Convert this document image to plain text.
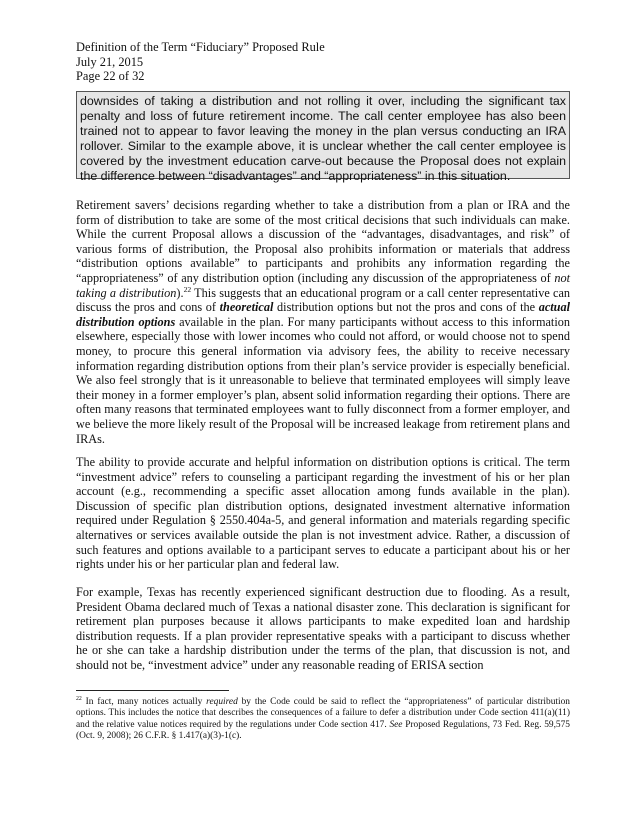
Definition of the Term “Fiduciary” Proposed Rule
July 21, 2015
Page 22 of 32

downsides of taking a distribution and not rolling it over, including the significant tax penalty and loss of future retirement income. The call center employee has also been trained not to appear to favor leaving the money in the plan versus conducting an IRA rollover. Similar to the example above, it is unclear whether the call center employee is covered by the investment education carve-out because the Proposal does not explain the difference between “disadvantages” and “appropriateness” in this situation.

Retirement savers’ decisions regarding whether to take a distribution from a plan or IRA and the form of distribution to take are some of the most critical decisions that such individuals can make. While the current Proposal allows a discussion of the “advantages, disadvantages, and risk” of various forms of distribution, the Proposal also prohibits information or materials that address “distribution options available” to participants and prohibits any information regarding the “appropriateness” of any distribution option (including any discussion of the appropriateness of not taking a distribution).$^{22}$ This suggests that an educational program or a call center representative can discuss the pros and cons of theoretical distribution options but not the pros and cons of the actual distribution options available in the plan. For many participants without access to this information elsewhere, especially those with lower incomes who could not afford, or would choose not to spend money, to procure this general information via advisory fees, the ability to receive necessary information regarding distribution options from their plan’s service provider is especially beneficial. We also feel strongly that is it unreasonable to believe that terminated employees will simply leave their money in a former employer’s plan, absent solid information regarding their options. There are often many reasons that terminated employees want to fully disconnect from a former employer, and we believe the more likely result of the Proposal will be increased leakage from retirement plans and IRAs.

The ability to provide accurate and helpful information on distribution options is critical. The term “investment advice” refers to counseling a participant regarding the investment of his or her plan account (e.g., recommending a specific asset allocation among funds available in the plan). Discussion of specific plan distribution options, designated investment alternative information required under Regulation § 2550.404a-5, and general information and materials regarding specific alternatives or services available outside the plan is not investment advice. Rather, a discussion of such features and options available to a participant serves to educate a participant about his or her rights under his or her particular plan and federal law.

For example, Texas has recently experienced significant destruction due to flooding. As a result, President Obama declared much of Texas a national disaster zone. This declaration is significant for retirement plan purposes because it allows participants to make expedited loan and hardship distribution requests. If a plan provider representative speaks with a participant to discuss whether he or she can take a hardship distribution under the terms of the plan, that discussion is not, and should not be, “investment advice” under any reasonable reading of ERISA section

$^{22}$ In fact, many notices actually required by the Code could be said to reflect the “appropriateness” of particular distribution options. This includes the notice that describes the consequences of a failure to defer a distribution under Code section 411(a)(11) and the relative value notices required by the regulations under Code section 417. See Proposed Regulations, 73 Fed. Reg. 59,575 (Oct. 9, 2008); 26 C.F.R. § 1.417(a)(3)-1(c).
